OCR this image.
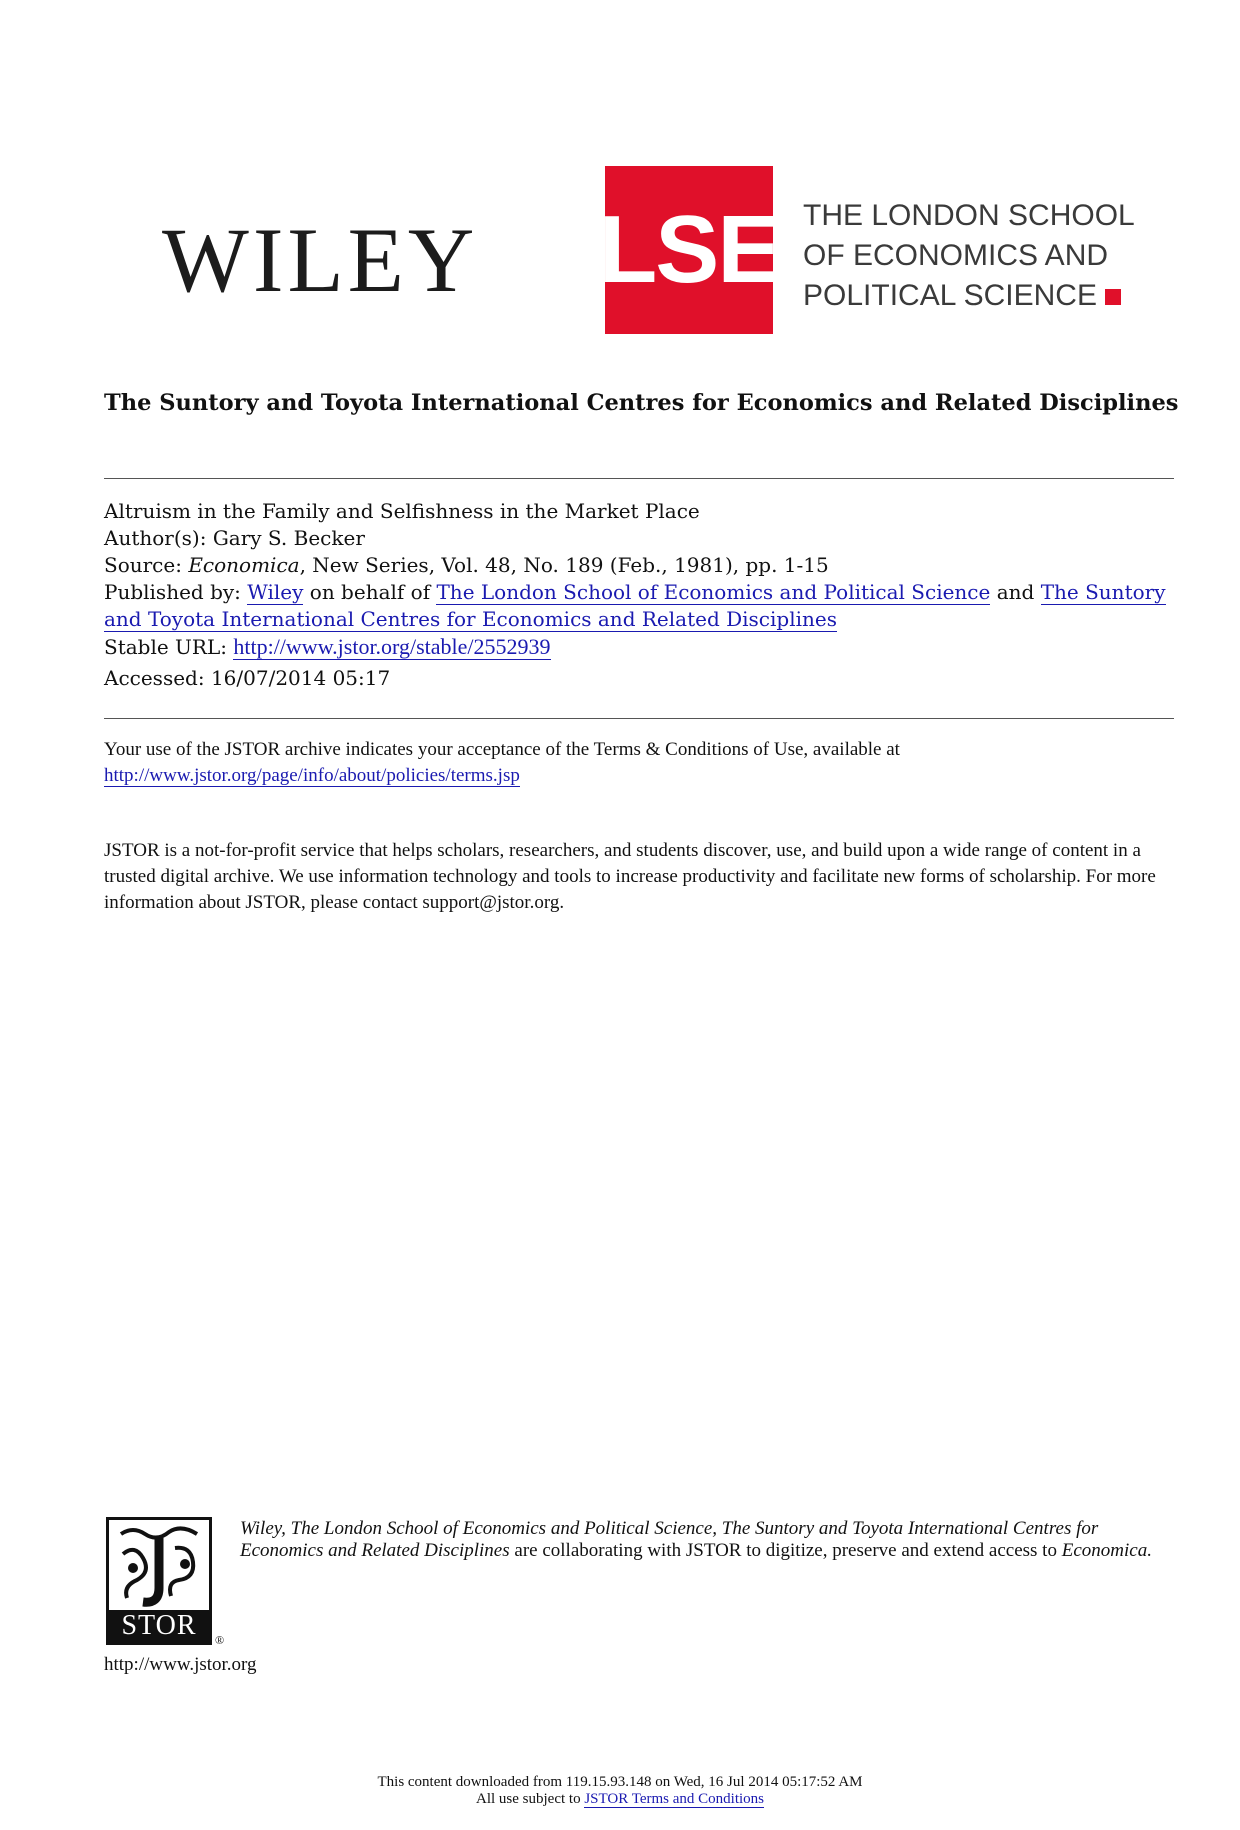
WILEY LSE THE LONDON SCHOOL
OF ECONOMICS AND
POLITICAL SCIENCE
The Suntory and Toyota International Centres for Economics and Related Disciplines
Altruism in the Family and Selfishness in the Market Place
Author(s): Gary S. Becker
Source: Economica, New Series, Vol. 48, No. 189 (Feb., 1981), pp. 1-15
Published by: Wiley on behalf of The London School of Economics and Political Science and The Suntory and Toyota International Centres for Economics and Related Disciplines
Stable URL: http://www.jstor.org/stable/2552939
Accessed: 16/07/2014 05:17
Your use of the JSTOR archive indicates your acceptance of the Terms & Conditions of Use, available at
http://www.jstor.org/page/info/about/policies/terms.jsp
JSTOR is a not-for-profit service that helps scholars, researchers, and students discover, use, and build upon a wide range of content in a trusted digital archive. We use information technology and tools to increase productivity and facilitate new forms of scholarship. For more information about JSTOR, please contact support@jstor.org.
STOR	®
http://www.jstor.org
Wiley, The London School of Economics and Political Science, The Suntory and Toyota International Centres for Economics and Related Disciplines are collaborating with JSTOR to digitize, preserve and extend access to Economica.
This content downloaded from 119.15.93.148 on Wed, 16 Jul 2014 05:17:52 AM
All use subject to JSTOR Terms and Conditions
